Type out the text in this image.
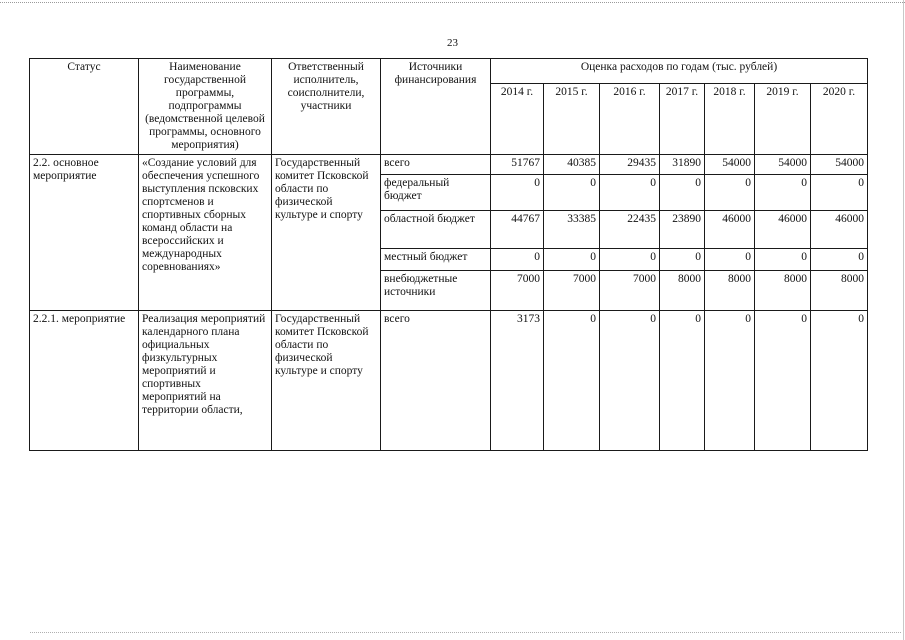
23
Статус	Наименование государственной программы, подпрограммы (ведомственной целевой программы, основного мероприятия)	Ответственный исполнитель, соисполнители, участники	Источники финансирования	Оценка расходов по годам (тыс. рублей)						
				2014 г.	2015 г.	2016 г.	2017 г.	2018 г.	2019 г.	2020 г.
2.2. основное мероприятие	«Создание условий для обеспечения успешного выступления псковских спортсменов и спортивных сборных команд области на всероссийских и международных соревнованиях»	Государственный комитет Псковской области по физической культуре и спорту	всего	51767	40385	29435	31890	54000	54000	54000
			федеральный бюджет	0	0	0	0	0	0	0
			областной бюджет	44767	33385	22435	23890	46000	46000	46000
			местный бюджет	0	0	0	0	0	0	0
			внебюджетные источники	7000	7000	7000	8000	8000	8000	8000
2.2.1. мероприятие	Реализация мероприятий календарного плана официальных физкультурных мероприятий и спортивных мероприятий на территории области,	Государственный комитет Псковской области по физической культуре и спорту	всего	3173	0	0	0	0	0	0
